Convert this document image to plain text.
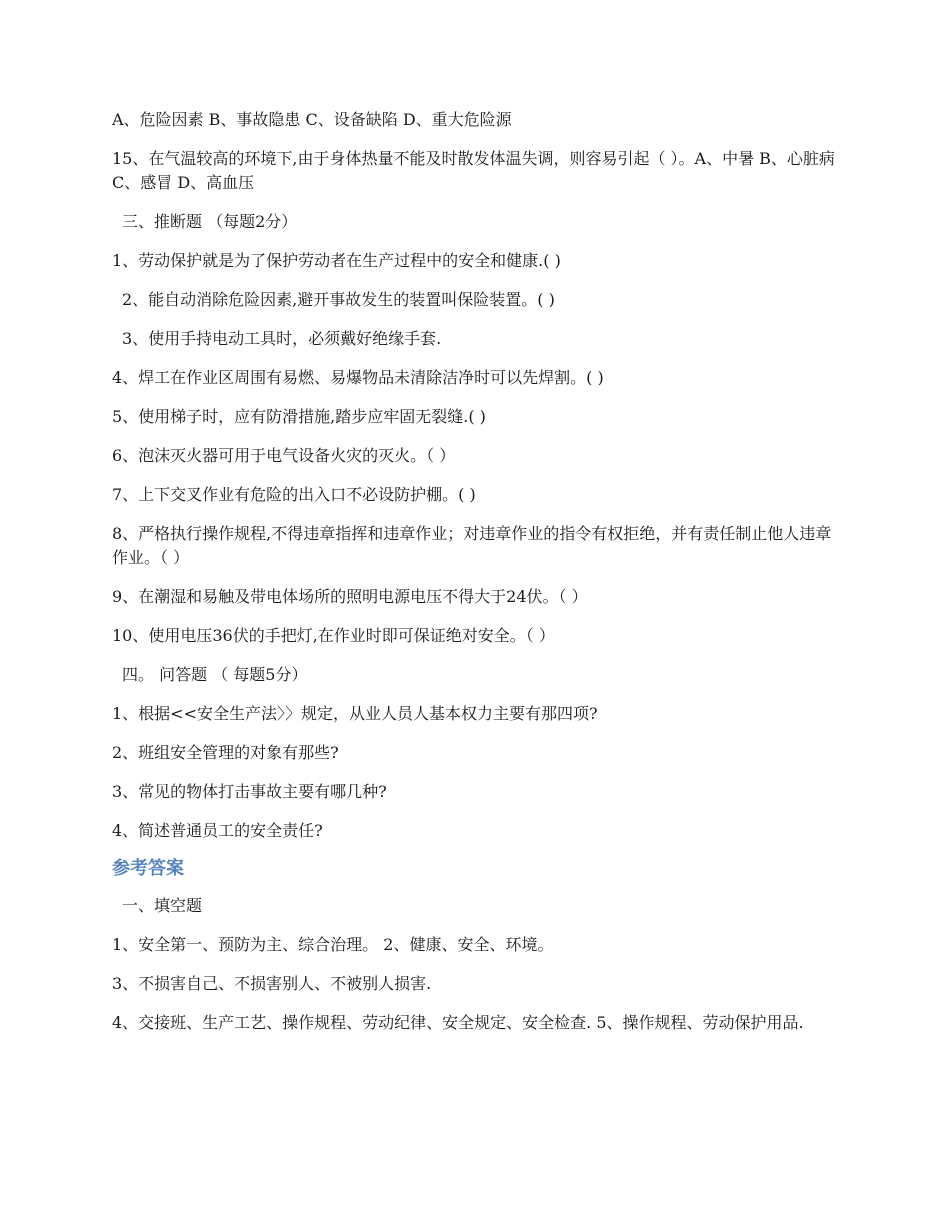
A、危险因素 B、事故隐患 C、设备缺陷 D、重大危险源

15、在气温较高的环境下,由于身体热量不能及时散发体温失调，则容易引起（ ）。A、中暑 B、心脏病 C、感冒 D、高血压

三、推断题 （每题2分）

1、劳动保护就是为了保护劳动者在生产过程中的安全和健康.( )

2、能自动消除危险因素,避开事故发生的装置叫保险装置。( )

3、使用手持电动工具时，必须戴好绝缘手套.

4、焊工在作业区周围有易燃、易爆物品未清除洁净时可以先焊割。( )

5、使用梯子时，应有防滑措施,踏步应牢固无裂缝.( )

6、泡沫灭火器可用于电气设备火灾的灭火。（ ）

7、上下交叉作业有危险的出入口不必设防护棚。( )

8、严格执行操作规程,不得违章指挥和违章作业；对违章作业的指令有权拒绝，并有责任制止他人违章作业。（ ）

9、在潮湿和易触及带电体场所的照明电源电压不得大于24伏。（ ）

10、使用电压36伏的手把灯,在作业时即可保证绝对安全。（ ）

四。 问答题 （ 每题5分）

1、根据<<安全生产法〉〉规定，从业人员人基本权力主要有那四项?

2、班组安全管理的对象有那些?

3、常见的物体打击事故主要有哪几种?

4、简述普通员工的安全责任?

参考答案

一、填空题

1、安全第一、预防为主、综合治理。 2、健康、安全、环境。

3、不损害自己、不损害别人、不被别人损害.

4、交接班、生产工艺、操作规程、劳动纪律、安全规定、安全检查. 5、操作规程、劳动保护用品.
